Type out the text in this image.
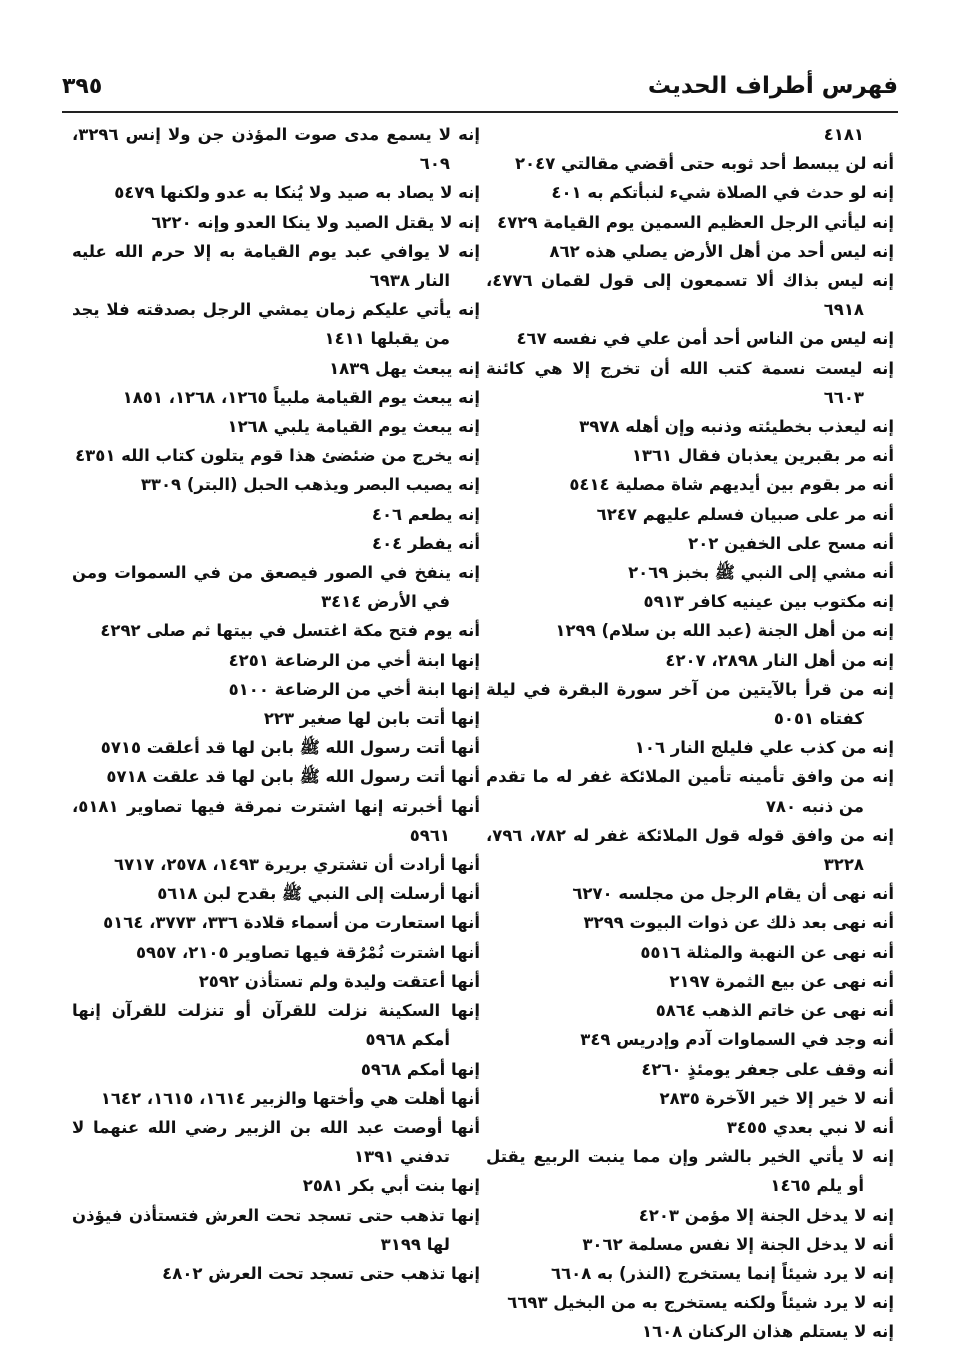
فهرس أطراف الحديث
٣٩٥
٤١٨١
أنه لن يبسط أحد ثوبه حتى أقضي مقالتي ٢٠٤٧
إنه لو حدث في الصلاة شيء لنبأتكم به ٤٠١
إنه ليأتي الرجل العظيم السمين يوم القيامة ٤٧٢٩
إنه ليس أحد من أهل الأرض يصلي هذه ٨٦٢
إنه ليس بذاك ألا تسمعون إلى قول لقمان ٤٧٧٦، ٦٩١٨
إنه ليس من الناس أحد أمن علي في نفسه ٤٦٧
إنه ليست نسمة كتب الله أن تخرج إلا هي كائنة ٦٦٠٣
إنه ليعذب بخطيئته وذنبه وإن أهله ٣٩٧٨
أنه مر بقبرين يعذبان فقال ١٣٦١
أنه مر بقوم بين أيديهم شاة مصلية ٥٤١٤
أنه مر على صبيان فسلم عليهم ٦٢٤٧
أنه مسح على الخفين ٢٠٢
أنه مشي إلى النبي ﷺ بخبز ٢٠٦٩
إنه مكتوب بين عينيه كافر ٥٩١٣
إنه من أهل الجنة (عبد الله بن سلام) ١٢٩٩
إنه من أهل النار ٢٨٩٨، ٤٢٠٧
إنه من قرأ بالآيتين من آخر سورة البقرة في ليلة كفتاه ٥٠٥١
إنه من كذب علي فليلج النار ١٠٦
إنه من وافق تأمينه تأمين الملائكة غفر له ما تقدم من ذنبه ٧٨٠
إنه من وافق قوله قول الملائكة غفر له ٧٨٢، ٧٩٦، ٣٢٢٨
أنه نهى أن يقام الرجل من مجلسه ٦٢٧٠
أنه نهى بعد ذلك عن ذوات البيوت ٣٢٩٩
أنه نهى عن النهبة والمثلة ٥٥١٦
أنه نهى عن بيع الثمرة ٢١٩٧
أنه نهى عن خاتم الذهب ٥٨٦٤
أنه وجد في السماوات آدم وإدريس ٣٤٩
أنه وقف على جعفر يومئذٍ ٤٢٦٠
أنه لا خير إلا خير الآخرة ٢٨٣٥
أنه لا نبي بعدي ٣٤٥٥
إنه لا يأتي الخير بالشر وإن مما ينبت الربيع يقتل أو يلم ١٤٦٥
إنه لا يدخل الجنة إلا مؤمن ٤٢٠٣
أنه لا يدخل الجنة إلا نفس مسلمة ٣٠٦٢
إنه لا يرد شيئاً إنما يستخرج (النذر) به ٦٦٠٨
إنه لا يرد شيئاً ولكنه يستخرج به من البخيل ٦٦٩٣
إنه لا يستلم هذان الركنان ١٦٠٨
إنه لا يسمع مدى صوت المؤذن جن ولا إنس ٣٢٩٦، ٦٠٩
إنه لا يصاد به صيد ولا يُنكا به عدو ولكنها ٥٤٧٩
إنه لا يقتل الصيد ولا ينكا العدو وإنه ٦٢٢٠
إنه لا يوافي عبد يوم القيامة به إلا حرم الله عليه النار ٦٩٣٨
إنه يأتي عليكم زمان يمشي الرجل بصدقته فلا يجد من يقبلها ١٤١١
إنه يبعث يهل ١٨٣٩
إنه يبعث يوم القيامة ملبياً ١٢٦٥، ١٢٦٨، ١٨٥١
إنه يبعث يوم القيامة يلبي ١٢٦٨
إنه يخرج من ضئضئ هذا قوم يتلون كتاب الله ٤٣٥١
إنه يصيب البصر ويذهب الحبل (البتر) ٣٣٠٩
إنه يطعم ٤٠٦
أنه يفطر ٤٠٤
إنه ينفخ في الصور فيصعق من في السموات ومن في الأرض ٣٤١٤
أنه يوم فتح مكة اغتسل في بيتها ثم صلى ٤٢٩٢
إنها ابنة أخي من الرضاعة ٤٢٥١
إنها ابنة أخي من الرضاعة ٥١٠٠
إنها أتت بابن لها صغير ٢٢٣
أنها أتت رسول الله ﷺ بابن لها قد أعلقت ٥٧١٥
أنها أتت رسول الله ﷺ بابن لها قد علقت ٥٧١٨
أنها أخبرته إنها اشترت نمرقة فيها تصاوير ٥١٨١، ٥٩٦١
أنها أرادت أن تشتري بريرة ١٤٩٣، ٢٥٧٨، ٦٧١٧
أنها أرسلت إلى النبي ﷺ بقدح لبن ٥٦١٨
أنها استعارت من أسماء قلادة ٣٣٦، ٣٧٧٣، ٥١٦٤
أنها اشترت نُمْرُقة فيها تصاوير ٢١٠٥، ٥٩٥٧
أنها أعتقت وليدة ولم تستأذن ٢٥٩٢
إنها السكينة نزلت للقرآن أو تنزلت للقرآن إنها أمكم ٥٩٦٨
إنها أمكم ٥٩٦٨
أنها أهلت هي وأختها والزبير ١٦١٤، ١٦١٥، ١٦٤٢
أنها أوصت عبد الله بن الزبير رضي الله عنهما لا تدفني ١٣٩١
إنها بنت أبي بكر ٢٥٨١
إنها تذهب حتى تسجد تحت العرش فتستأذن فيؤذن لها ٣١٩٩
إنها تذهب حتى تسجد تحت العرش ٤٨٠٢
